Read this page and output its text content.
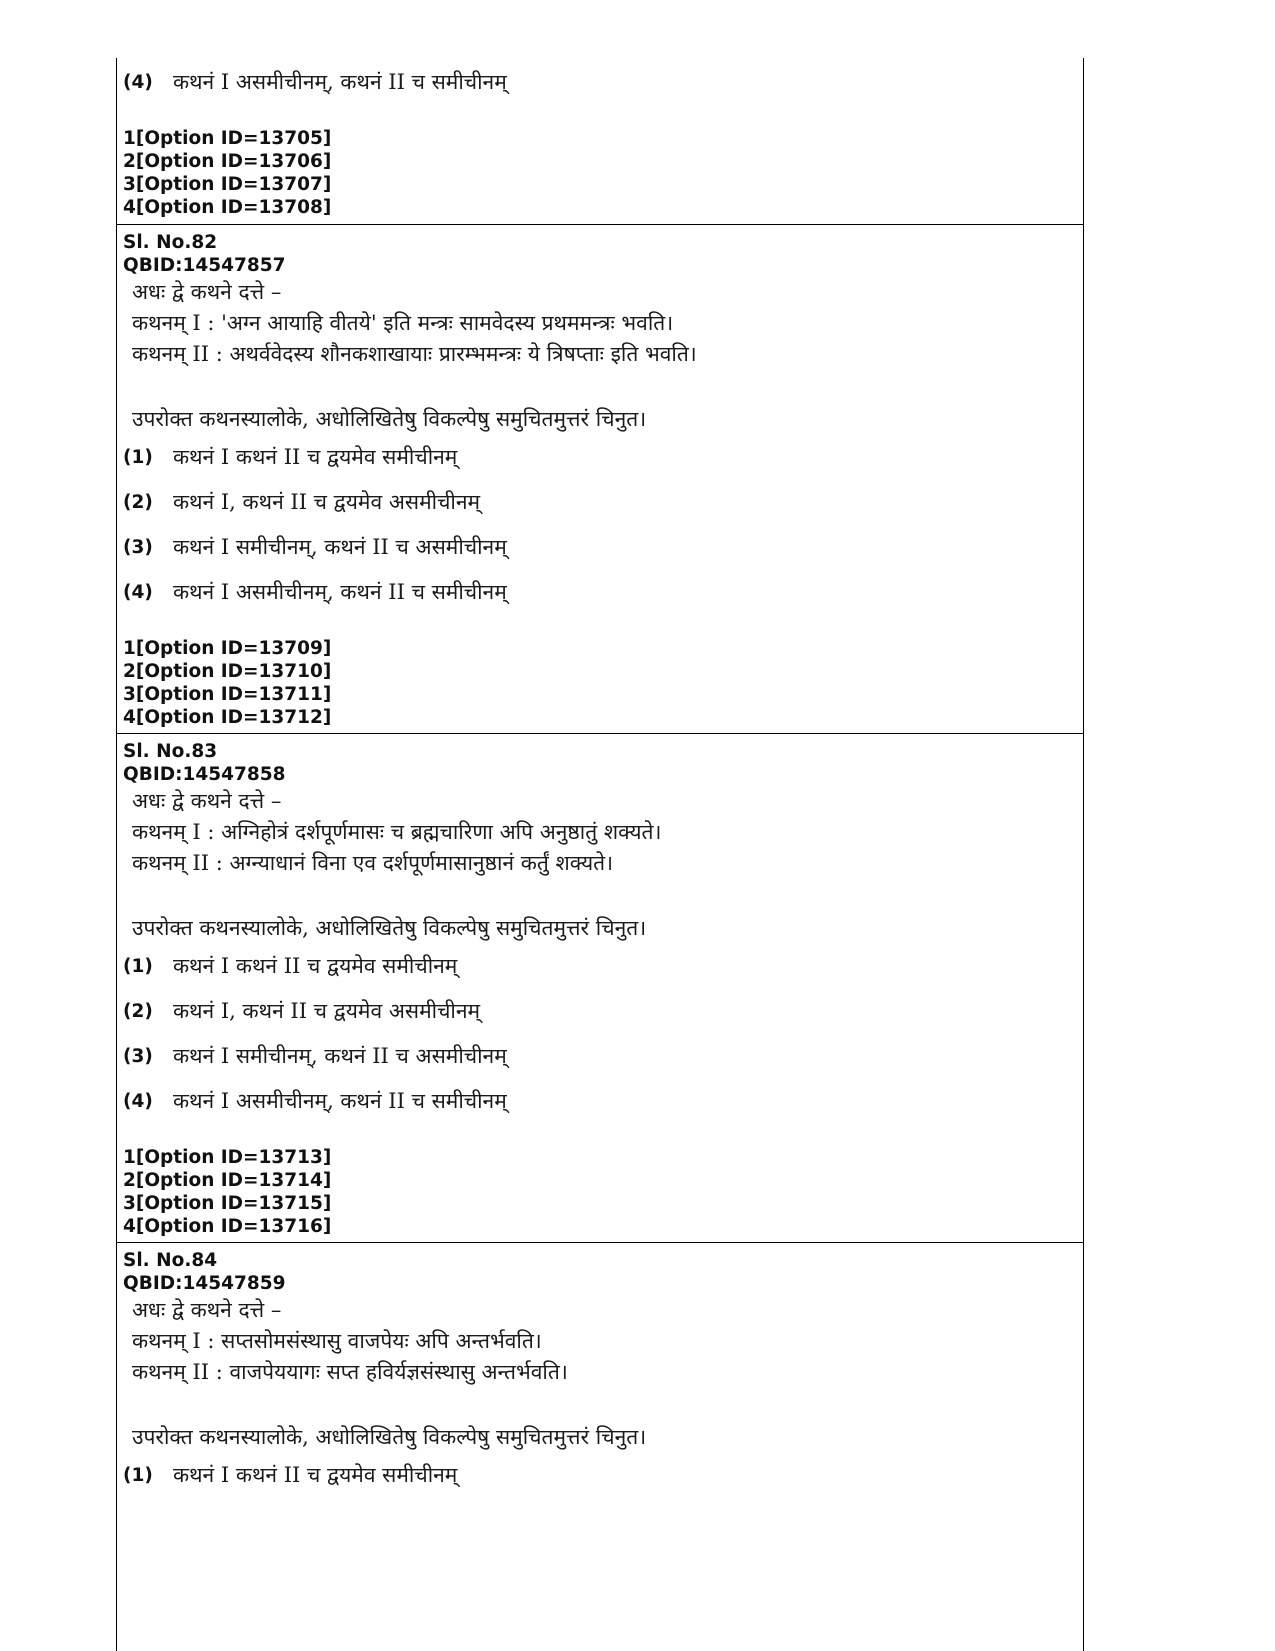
(4) कथनं I असमीचीनम्, कथनं II च समीचीनम्
1[Option ID=13705]
2[Option ID=13706]
3[Option ID=13707]
4[Option ID=13708]
Sl. No.82
QBID:14547857
अधः द्वे कथने दत्ते –
कथनम् I : 'अग्न आयाहि वीतये' इति मन्त्रः सामवेदस्य प्रथममन्त्रः भवति।
कथनम् II : अथर्ववेदस्य शौनकशाखायाः प्रारम्भमन्त्रः ये त्रिषप्ताः इति भवति।
उपरोक्त कथनस्यालोके, अधोलिखितेषु विकल्पेषु समुचितमुत्तरं चिनुत।
(1) कथनं I कथनं II च द्वयमेव समीचीनम्
(2) कथनं I, कथनं II च द्वयमेव असमीचीनम्
(3) कथनं I समीचीनम्, कथनं II च असमीचीनम्
(4) कथनं I असमीचीनम्, कथनं II च समीचीनम्
1[Option ID=13709]
2[Option ID=13710]
3[Option ID=13711]
4[Option ID=13712]
Sl. No.83
QBID:14547858
अधः द्वे कथने दत्ते –
कथनम् I : अग्निहोत्रं दर्शपूर्णमासः च ब्रह्मचारिणा अपि अनुष्ठातुं शक्यते।
कथनम् II : अग्न्याधानं विना एव दर्शपूर्णमासानुष्ठानं कर्तुं शक्यते।
उपरोक्त कथनस्यालोके, अधोलिखितेषु विकल्पेषु समुचितमुत्तरं चिनुत।
(1) कथनं I कथनं II च द्वयमेव समीचीनम्
(2) कथनं I, कथनं II च द्वयमेव असमीचीनम्
(3) कथनं I समीचीनम्, कथनं II च असमीचीनम्
(4) कथनं I असमीचीनम्, कथनं II च समीचीनम्
1[Option ID=13713]
2[Option ID=13714]
3[Option ID=13715]
4[Option ID=13716]
Sl. No.84
QBID:14547859
अधः द्वे कथने दत्ते –
कथनम् I : सप्तसोमसंस्थासु वाजपेयः अपि अन्तर्भवति।
कथनम् II : वाजपेययागः सप्त हविर्यज्ञसंस्थासु अन्तर्भवति।
उपरोक्त कथनस्यालोके, अधोलिखितेषु विकल्पेषु समुचितमुत्तरं चिनुत।
(1) कथनं I कथनं II च द्वयमेव समीचीनम्
